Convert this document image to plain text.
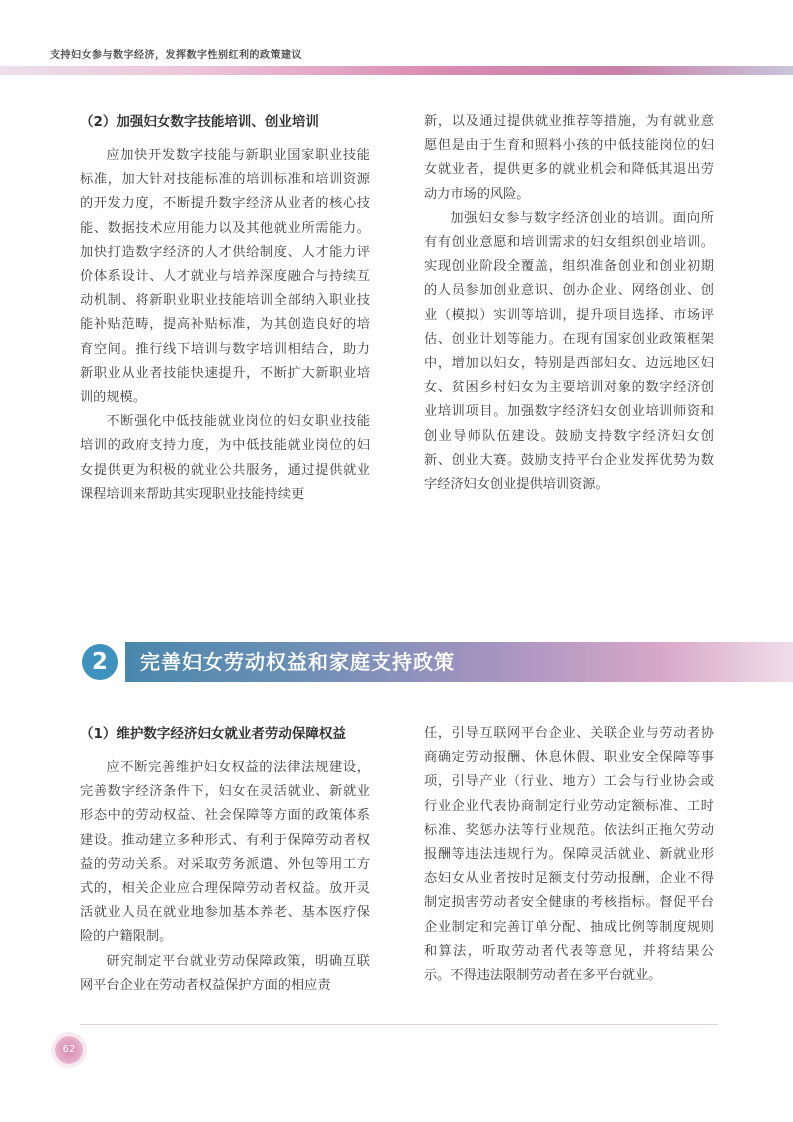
支持妇女参与数字经济，发挥数字性别红利的政策建议
（2）加强妇女数字技能培训、创业培训

应加快开发数字技能与新职业国家职业技能标准，加大针对技能标准的培训标准和培训资源的开发力度，不断提升数字经济从业者的核心技能、数据技术应用能力以及其他就业所需能力。加快打造数字经济的人才供给制度、人才能力评价体系设计、人才就业与培养深度融合与持续互动机制、将新职业职业技能培训全部纳入职业技能补贴范畴，提高补贴标准，为其创造良好的培育空间。推行线下培训与数字培训相结合，助力新职业从业者技能快速提升，不断扩大新职业培训的规模。

不断强化中低技能就业岗位的妇女职业技能培训的政府支持力度，为中低技能就业岗位的妇女提供更为积极的就业公共服务，通过提供就业课程培训来帮助其实现职业技能持续更

新，以及通过提供就业推荐等措施，为有就业意愿但是由于生育和照料小孩的中低技能岗位的妇女就业者，提供更多的就业机会和降低其退出劳动力市场的风险。

加强妇女参与数字经济创业的培训。面向所有有创业意愿和培训需求的妇女组织创业培训。实现创业阶段全覆盖，组织准备创业和创业初期的人员参加创业意识、创办企业、网络创业、创业（模拟）实训等培训，提升项目选择、市场评估、创业计划等能力。在现有国家创业政策框架中，增加以妇女，特别是西部妇女、边远地区妇女、贫困乡村妇女为主要培训对象的数字经济创业培训项目。加强数字经济妇女创业培训师资和创业导师队伍建设。鼓励支持数字经济妇女创新、创业大赛。鼓励支持平台企业发挥优势为数字经济妇女创业提供培训资源。

2	完善妇女劳动权益和家庭支持政策
（1）维护数字经济妇女就业者劳动保障权益

应不断完善维护妇女权益的法律法规建设，完善数字经济条件下，妇女在灵活就业、新就业形态中的劳动权益、社会保障等方面的政策体系建设。推动建立多种形式、有利于保障劳动者权益的劳动关系。对采取劳务派遣、外包等用工方式的，相关企业应合理保障劳动者权益。放开灵活就业人员在就业地参加基本养老、基本医疗保险的户籍限制。

研究制定平台就业劳动保障政策，明确互联网平台企业在劳动者权益保护方面的相应责

任，引导互联网平台企业、关联企业与劳动者协商确定劳动报酬、休息休假、职业安全保障等事项，引导产业（行业、地方）工会与行业协会或行业企业代表协商制定行业劳动定额标准、工时标准、奖惩办法等行业规范。依法纠正拖欠劳动报酬等违法违规行为。保障灵活就业、新就业形态妇女从业者按时足额支付劳动报酬，企业不得制定损害劳动者安全健康的考核指标。督促平台企业制定和完善订单分配、抽成比例等制度规则和算法，听取劳动者代表等意见，并将结果公示。不得违法限制劳动者在多平台就业。

62
